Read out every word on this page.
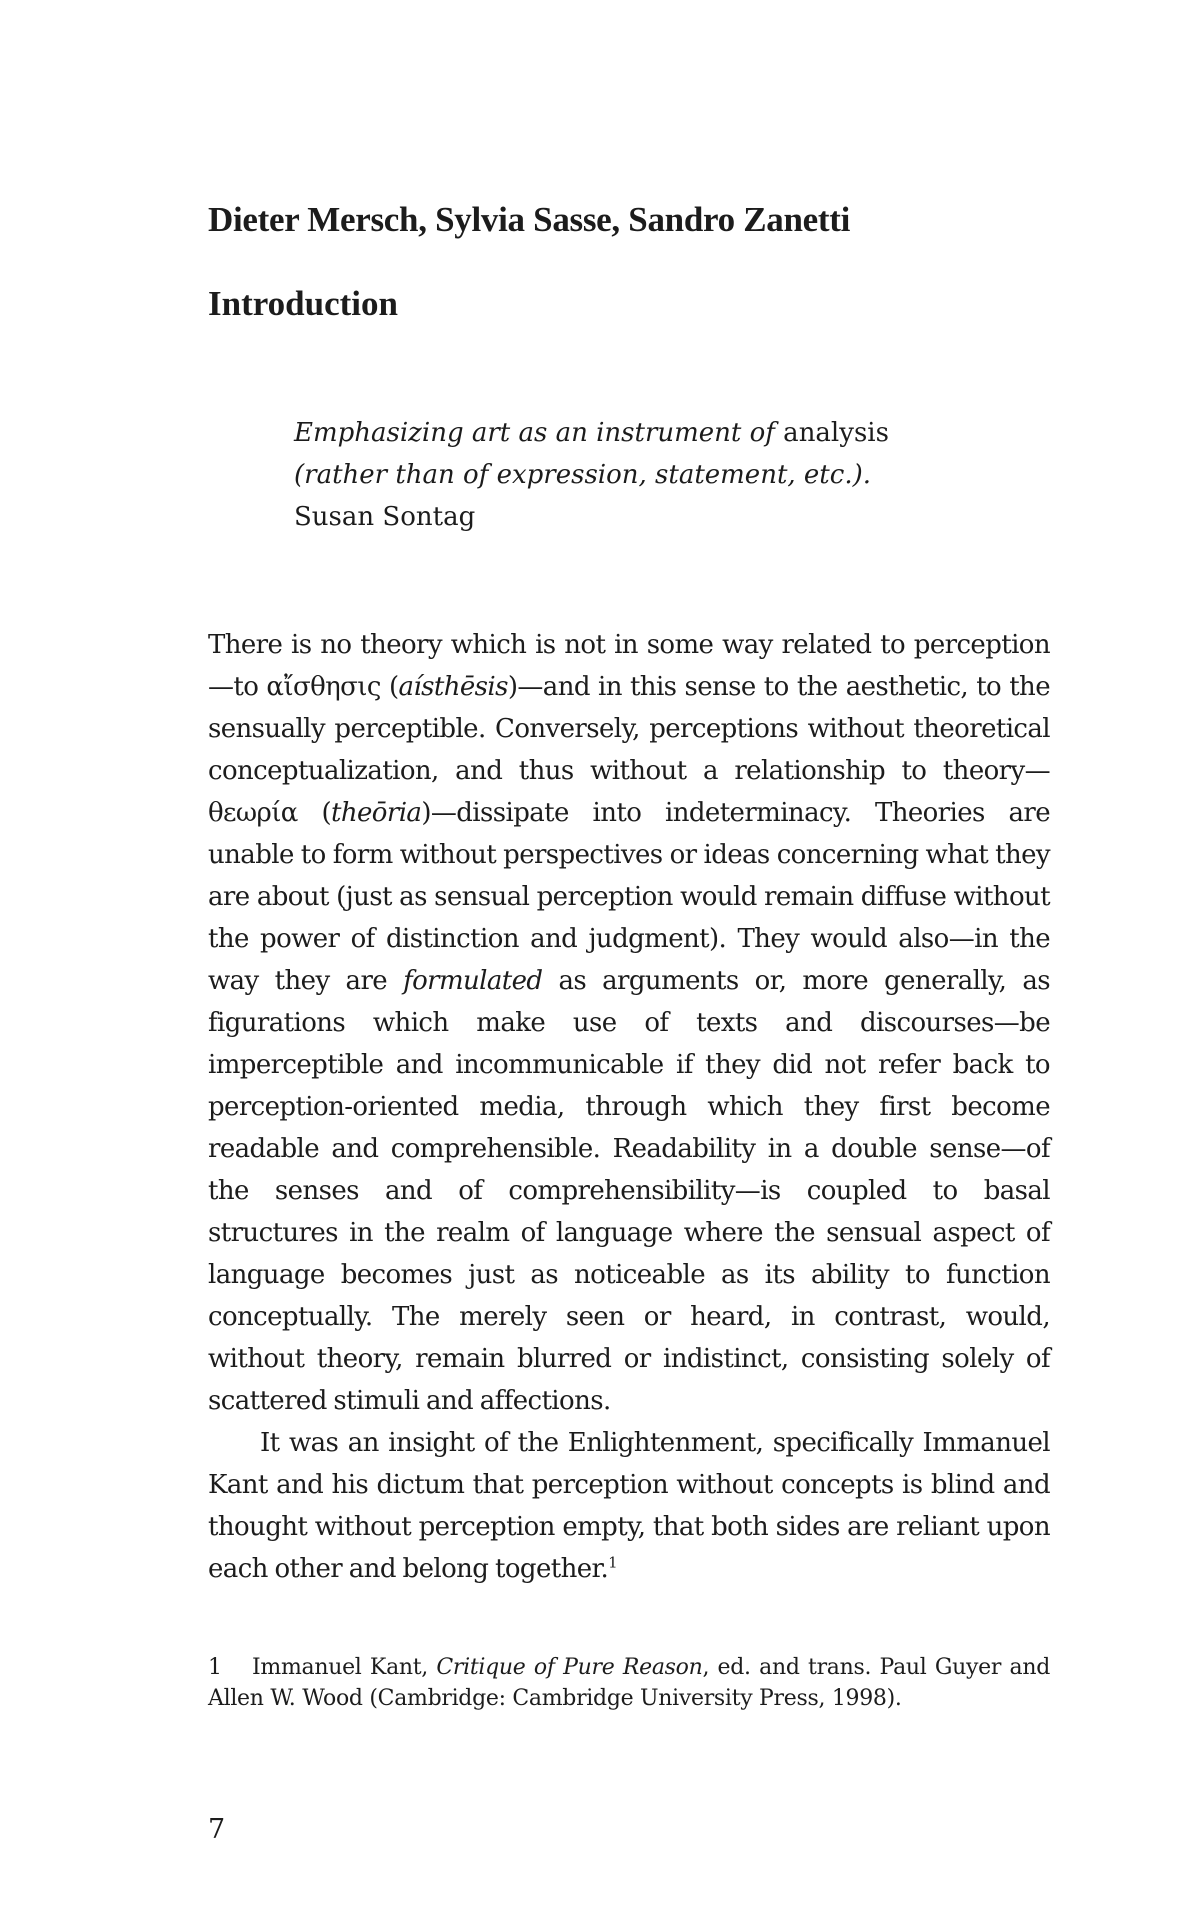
Dieter Mersch, Sylvia Sasse, Sandro Zanetti
Introduction
Emphasizing art as an instrument of analysis
(rather than of expression, statement, etc.).
Susan Sontag

There is no theory which is not in some way related to perception—to αἴσθησις (aísthēsis)—and in this sense to the aesthetic, to the sensually perceptible. Conversely, perceptions without theoretical conceptualization, and thus without a relationship to theory—θεωρία (theōria)—dissipate into indeterminacy. Theories are unable to form without perspectives or ideas concerning what they are about (just as sensual perception would remain diffuse without the power of distinction and judgment). They would also—in the way they are formulated as arguments or, more generally, as figurations which make use of texts and discourses—be imperceptible and incommunicable if they did not refer back to perception-oriented media, through which they first become readable and comprehensible. Readability in a double sense—of the senses and of comprehensibility—is coupled to basal structures in the realm of language where the sensual aspect of language becomes just as noticeable as its ability to function conceptually. The merely seen or heard, in contrast, would, without theory, remain blurred or indistinct, consisting solely of scattered stimuli and affections.

It was an insight of the Enlightenment, specifically Immanuel Kant and his dictum that perception without concepts is blind and thought without perception empty, that both sides are reliant upon each other and belong together.$^1$

1 Immanuel Kant, Critique of Pure Reason, ed. and trans. Paul Guyer and Allen W. Wood (Cambridge: Cambridge University Press, 1998).
7
